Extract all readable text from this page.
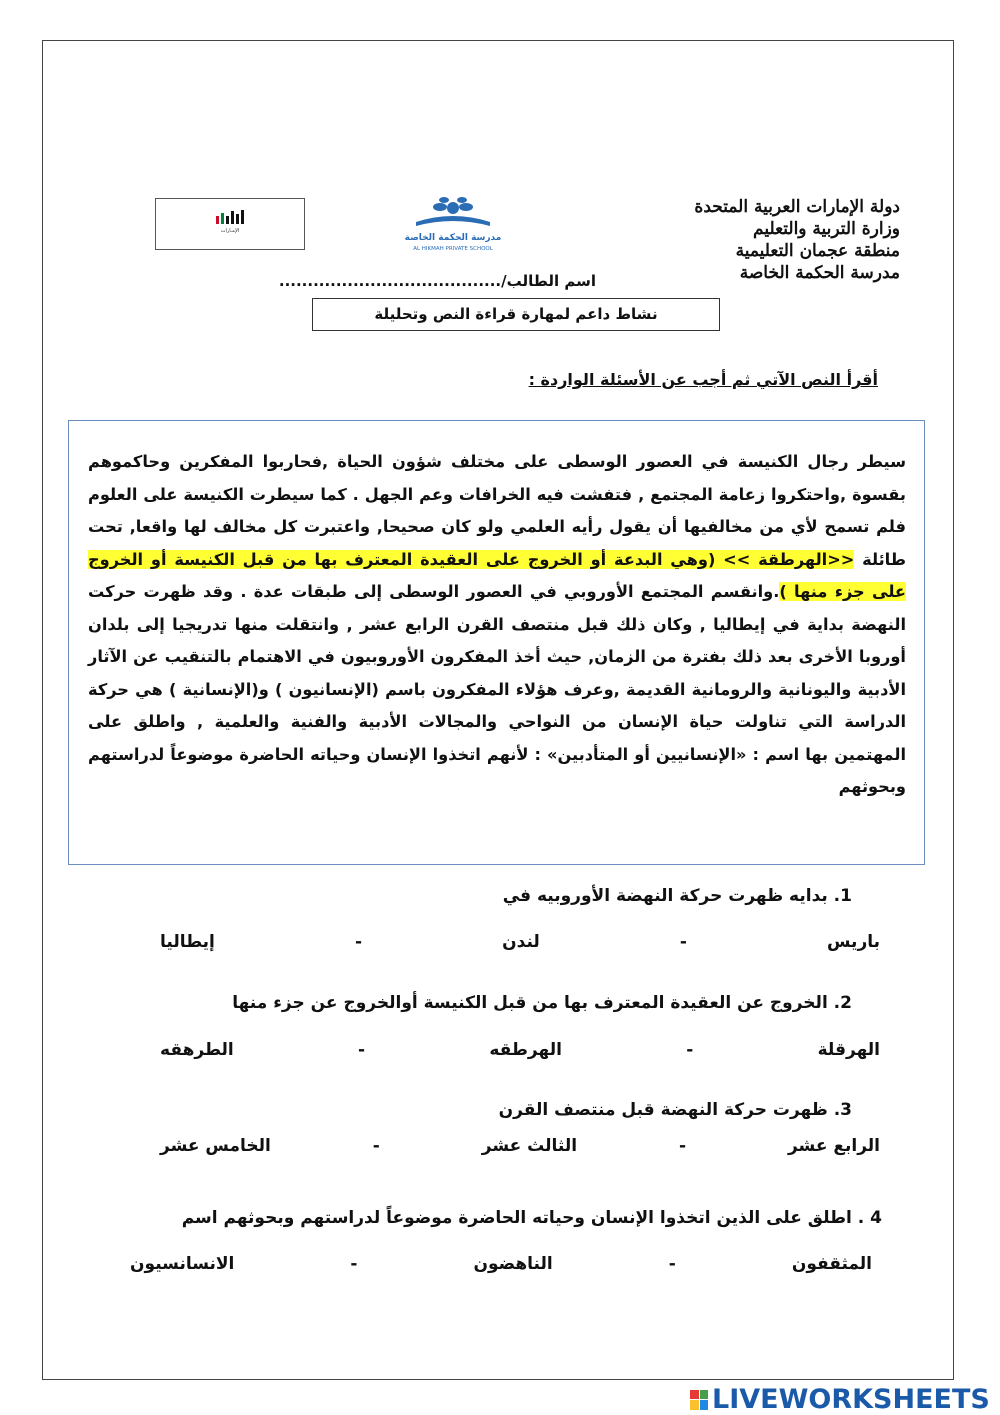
دولة الإمارات العربية المتحدة
وزارة التربية والتعليم
منطقة عجمان التعليمية
مدرسة الحكمة الخاصة
مدرسة الحكمة الخاصة
AL HIKMAH PRIVATE SCHOOL
الإمـارات
اسم الطالب/.......................................
نشاط داعم لمهارة قراءة النص وتحليلة
أقرأ النص الآتي ثم أجب عن الأسئلة الواردة :
سيطر رجال الكنيسة في العصور الوسطى على مختلف شؤون الحياة ,فحاربوا المفكرين وحاكموهم بقسوة ,واحتكروا زعامة المجتمع , فتفشت فيه الخرافات وعم الجهل . كما سيطرت الكنيسة على العلوم فلم تسمح لأي من مخالفيها أن يقول رأيه العلمي ولو كان صحيحا, واعتبرت كل مخالف لها واقعا, تحت طائلة <<الهرطقة >> (وهي البدعة أو الخروج على العقيدة المعترف بها من قبل الكنيسة أو الخروج على جزء منها ).وانقسم المجتمع الأوروبي في العصور الوسطى إلى طبقات عدة . وقد ظهرت حركت النهضة بداية في إيطاليا , وكان ذلك قبل منتصف القرن الرابع عشر , وانتقلت منها تدريجيا إلى بلدان أوروبا الأخرى بعد ذلك بفترة من الزمان, حيث أخذ المفكرون الأوروبيون في الاهتمام بالتنقيب عن الآثار الأدبية واليونانية والرومانية القديمة ,وعرف هؤلاء المفكرون باسم (الإنسانيون ) و(الإنسانية ) هي حركة الدراسة التي تناولت حياة الإنسان من النواحي والمجالات الأدبية والفنية والعلمية , واطلق على المهتمين بها اسم : «الإنسانيين أو المتأدبين» : لأنهم اتخذوا الإنسان وحياته الحاضرة موضوعاً لدراستهم وبحوثهم
1. بدايه ظهرت حركة النهضة الأوروبيه في
باريس
-
لندن
-
إيطاليا
2. الخروج عن العقيدة المعترف بها من قبل الكنيسة أوالخروج عن جزء منها
الهرقلة
-
الهرطقه
-
الطرهقه
3. ظهرت حركة النهضة قبل منتصف القرن
الرابع عشر
-
الثالث عشر
-
الخامس عشر
4 . اطلق على الذين اتخذوا الإنسان وحياته الحاضرة موضوعاً لدراستهم وبحوثهم اسم
المثقفون
-
الناهضون
-
الانسانسيون
LIVEWORKSHEETS
